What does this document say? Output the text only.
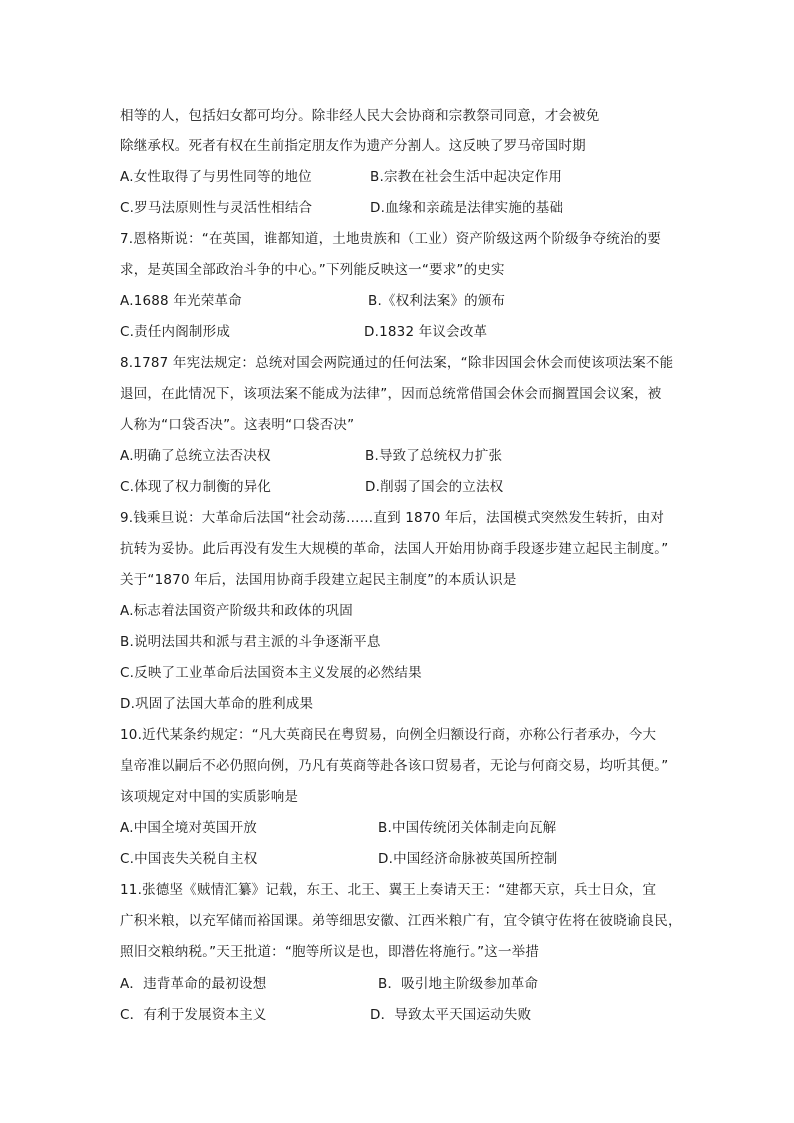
相等的人，包括妇女都可均分。除非经人民大会协商和宗教祭司同意，才会被免
除继承权。死者有权在生前指定朋友作为遗产分割人。这反映了罗马帝国时期
A.女性取得了与男性同等的地位	B.宗教在社会生活中起决定作用
C.罗马法原则性与灵活性相结合	D.血缘和亲疏是法律实施的基础
7.恩格斯说：“在英国，谁都知道，土地贵族和（工业）资产阶级这两个阶级争夺统治的要
求，是英国全部政治斗争的中心。”下列能反映这一“要求”的史实
A.1688 年光荣革命	B.《权利法案》的颁布
C.责任内阁制形成	D.1832 年议会改革
8.1787 年宪法规定：总统对国会两院通过的任何法案，“除非因国会休会而使该项法案不能
退回，在此情况下，该项法案不能成为法律”，因而总统常借国会休会而搁置国会议案，被
人称为“口袋否决”。这表明“口袋否决”
A.明确了总统立法否决权	B.导致了总统权力扩张
C.体现了权力制衡的异化	D.削弱了国会的立法权
9.钱乘旦说：大革命后法国“社会动荡……直到 1870 年后，法国模式突然发生转折，由对
抗转为妥协。此后再没有发生大规模的革命，法国人开始用协商手段逐步建立起民主制度。”
关于“1870 年后，法国用协商手段建立起民主制度”的本质认识是
A.标志着法国资产阶级共和政体的巩固
B.说明法国共和派与君主派的斗争逐渐平息
C.反映了工业革命后法国资本主义发展的必然结果
D.巩固了法国大革命的胜利成果
10.近代某条约规定：“凡大英商民在粤贸易，向例全归额设行商，亦称公行者承办，今大
皇帝准以嗣后不必仍照向例，乃凡有英商等赴各该口贸易者，无论与何商交易，均听其便。”
该项规定对中国的实质影响是
A.中国全境对英国开放	B.中国传统闭关体制走向瓦解
C.中国丧失关税自主权	D.中国经济命脉被英国所控制
11.张德坚《贼情汇纂》记载，东王、北王、翼王上奏请天王：“建都天京，兵士日众，宜
广积米粮，以充军储而裕国课。弟等细思安徽、江西米粮广有，宜令镇守佐将在彼晓谕良民，
照旧交粮纳税。”天王批道：“胞等所议是也，即潜佐将施行。”这一举措
A．违背革命的最初设想	B．吸引地主阶级参加革命
C．有利于发展资本主义	D．导致太平天国运动失败
